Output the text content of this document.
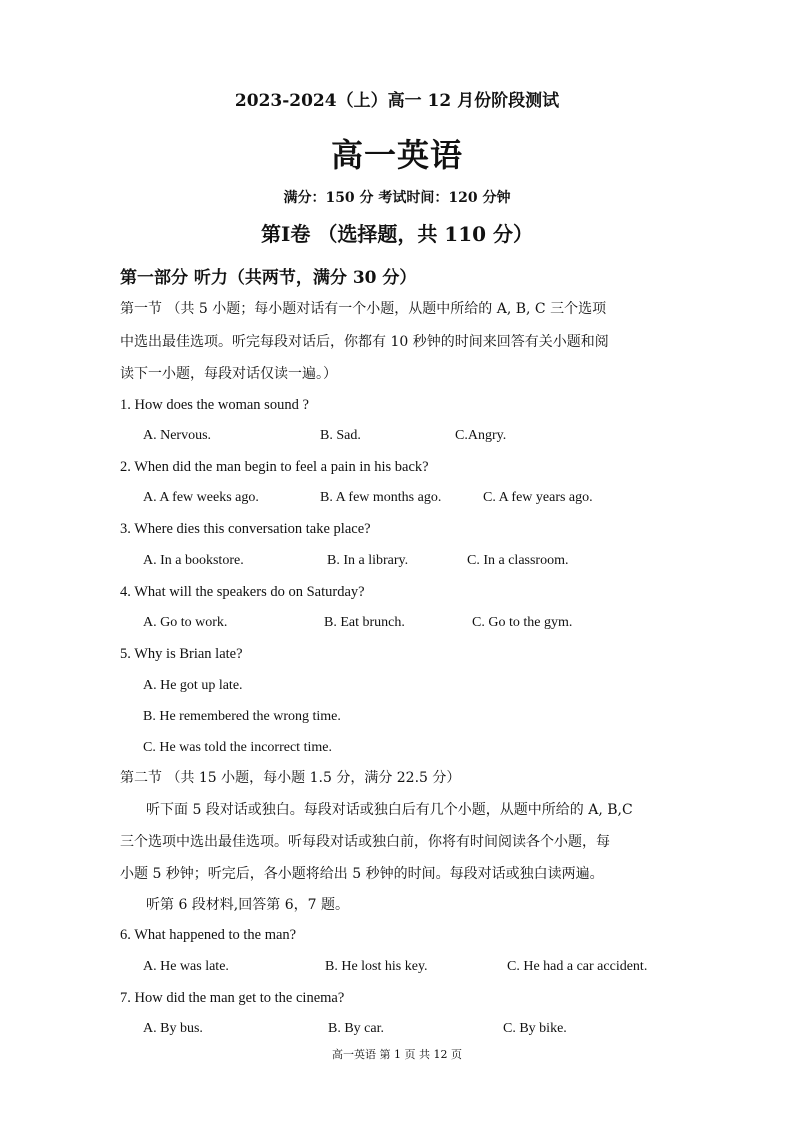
2023-2024（上）高一 12 月份阶段测试
高一英语
满分：150 分 考试时间：120 分钟
第Ⅰ卷 （选择题，共 110 分）
第一部分 听力（共两节，满分 30 分）
第一节 （共 5 小题；每小题对话有一个小题，从题中所给的 A, B, C 三个选项
中选出最佳选项。听完每段对话后，你都有 10 秒钟的时间来回答有关小题和阅
读下一小题，每段对话仅读一遍。）
1. How does the woman sound ?
A. Nervous.	B. Sad.	C.Angry.
2. When did the man begin to feel a pain in his back?
A. A few weeks ago.	B. A few months ago.	C. A few years ago.
3. Where dies this conversation take place?
A. In a bookstore.	B. In a library.	C. In a classroom.
4. What will the speakers do on Saturday?
A. Go to work.	B. Eat brunch.	C. Go to the gym.
5. Why is Brian late?
A. He got up late.
B. He remembered the wrong time.
C. He was told the incorrect time.
第二节 （共 15 小题，每小题 1.5 分，满分 22.5 分）
听下面 5 段对话或独白。每段对话或独白后有几个小题，从题中所给的 A, B,C
三个选项中选出最佳选项。听每段对话或独白前，你将有时间阅读各个小题，每
小题 5 秒钟；听完后，各小题将给出 5 秒钟的时间。每段对话或独白读两遍。
听第 6 段材料,回答第 6，7 题。
6. What happened to the man?
A. He was late.	B. He lost his key.	C. He had a car accident.
7. How did the man get to the cinema?
A. By bus.	B. By car.	C. By bike.
高一英语 第 1 页 共 12 页
